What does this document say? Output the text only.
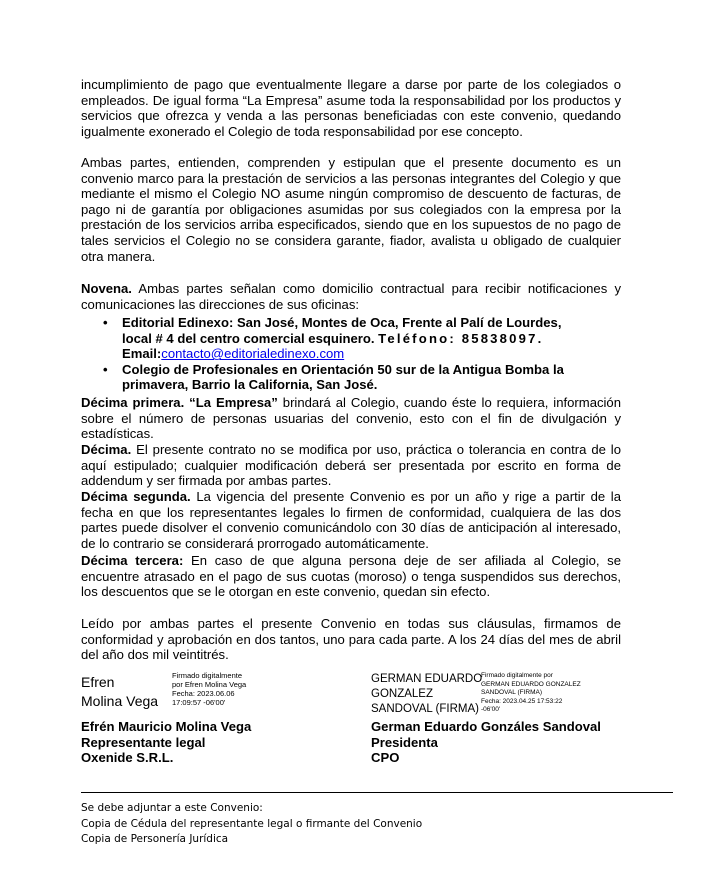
incumplimiento de pago que eventualmente llegare a darse por parte de los colegiados o empleados. De igual forma “La Empresa” asume toda la responsabilidad por los productos y servicios que ofrezca y venda a las personas beneficiadas con este convenio, quedando igualmente exonerado el Colegio de toda responsabilidad por ese concepto.

Ambas partes, entienden, comprenden y estipulan que el presente documento es un convenio marco para la prestación de servicios a las personas integrantes del Colegio y que mediante el mismo el Colegio NO asume ningún compromiso de descuento de facturas, de pago ni de garantía por obligaciones asumidas por sus colegiados con la empresa por la prestación de los servicios arriba especificados, siendo que en los supuestos de no pago de tales servicios el Colegio no se considera garante, fiador, avalista u obligado de cualquier otra manera.

Novena. Ambas partes señalan como domicilio contractual para recibir notificaciones y comunicaciones las direcciones de sus oficinas:

• Editorial Edinexo: San José, Montes de Oca, Frente al Palí de Lourdes,
local # 4 del centro comercial esquinero. Teléfono: 85838097.
Email:contacto@editorialedinexo.com
• Colegio de Profesionales en Orientación 50 sur de la Antigua Bomba la primavera, Barrio la California, San José.

Décima primera. “La Empresa” brindará al Colegio, cuando éste lo requiera, información sobre el número de personas usuarias del convenio, esto con el fin de divulgación y estadísticas.

Décima. El presente contrato no se modifica por uso, práctica o tolerancia en contra de lo aquí estipulado; cualquier modificación deberá ser presentada por escrito en forma de addendum y ser firmada por ambas partes.

Décima segunda. La vigencia del presente Convenio es por un año y rige a partir de la fecha en que los representantes legales lo firmen de conformidad, cualquiera de las dos partes puede disolver el convenio comunicándolo con 30 días de anticipación al interesado, de lo contrario se considerará prorrogado automáticamente.

Décima tercera: En caso de que alguna persona deje de ser afiliada al Colegio, se encuentre atrasado en el pago de sus cuotas (moroso) o tenga suspendidos sus derechos, los descuentos que se le otorgan en este convenio, quedan sin efecto.

Leído por ambas partes el presente Convenio en todas sus cláusulas, firmamos de conformidad y aprobación en dos tantos, uno para cada parte. A los 24 días del mes de abril del año dos mil veintitrés.

Efren
Molina Vega
Firmado digitalmente
por Efren Molina Vega
Fecha: 2023.06.06
17:09:57 -06'00'
GERMAN EDUARDO
GONZALEZ
SANDOVAL (FIRMA)
Firmado digitalmente por
GERMAN EDUARDO GONZALEZ
SANDOVAL (FIRMA)
Fecha: 2023.04.25 17:53:22
-06'00'
Efrén Mauricio Molina Vega
Representante legal
Oxenide S.R.L.
German Eduardo Gonzáles Sandoval
Presidenta
CPO
Se debe adjuntar a este Convenio:
Copia de Cédula del representante legal o firmante del Convenio
Copia de Personería Jurídica
